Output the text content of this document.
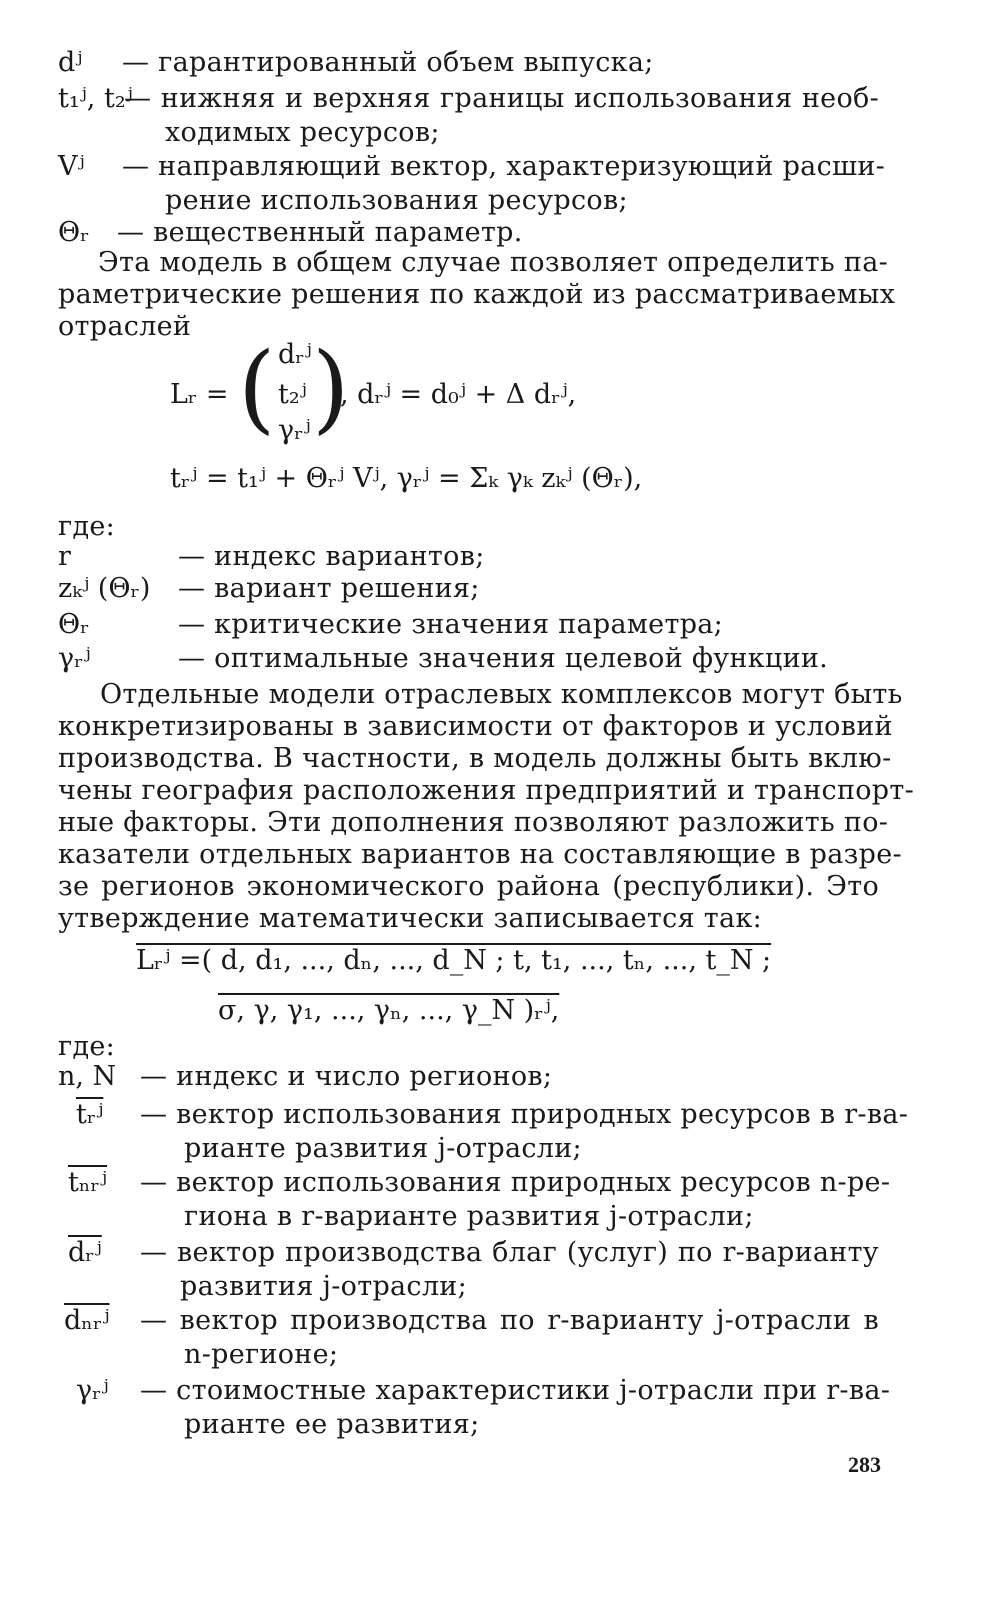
dʲ — гарантированный объем выпуска;
t₁ʲ, t₂ʲ
— нижняя и верхняя границы использования необ-
ходимых ресурсов;
Vʲ — направляющий вектор, характеризующий расши-
рение использования ресурсов;
Θᵣ — вещественный параметр.
Эта модель в общем случае позволяет определить па-
раметрические решения по каждой из рассматриваемых
отраслей
Lᵣ = ( dᵣʲ
t₂ʲ
γᵣʲ )
, dᵣʲ = d₀ʲ + Δ dᵣʲ,
tᵣʲ = t₁ʲ + Θᵣʲ Vʲ, γᵣʲ = Σₖ γₖ zₖʲ (Θᵣ),
где:
r	— индекс вариантов;
zₖʲ (Θᵣ) — вариант решения;
Θᵣ	— критические значения параметра;
γᵣʲ	— оптимальные значения целевой функции.
Отдельные модели отраслевых комплексов могут быть
конкретизированы в зависимости от факторов и условий
производства. В частности, в модель должны быть вклю-
чены география расположения предприятий и транспорт-
ные факторы. Эти дополнения позволяют разложить по-
казатели отдельных вариантов на составляющие в разре-
зе регионов экономического района (республики). Это
утверждение математически записывается так:
Lᵣʲ =( d, d₁, ..., dₙ, ..., d_N ; t, t₁, ..., tₙ, ..., t_N ;
σ, γ, γ₁, ..., γₙ, ..., γ_N )ᵣʲ,
где:
n, N — индекс и число регионов;
$\overline{tᵣʲ}$ — вектор использования природных ресурсов в r-ва-
рианте развития j-отрасли;
tₙᵣʲ — вектор использования природных ресурсов n-ре-
гиона в r-варианте развития j-отрасли;
$\overline{dᵣʲ}$ — вектор производства благ (услуг) по r-варианту
развития j-отрасли;
dₙᵣʲ — вектор производства по r-варианту j-отрасли в
n-регионе;
γᵣʲ — стоимостные характеристики j-отрасли при r-ва-
рианте ее развития;
283
